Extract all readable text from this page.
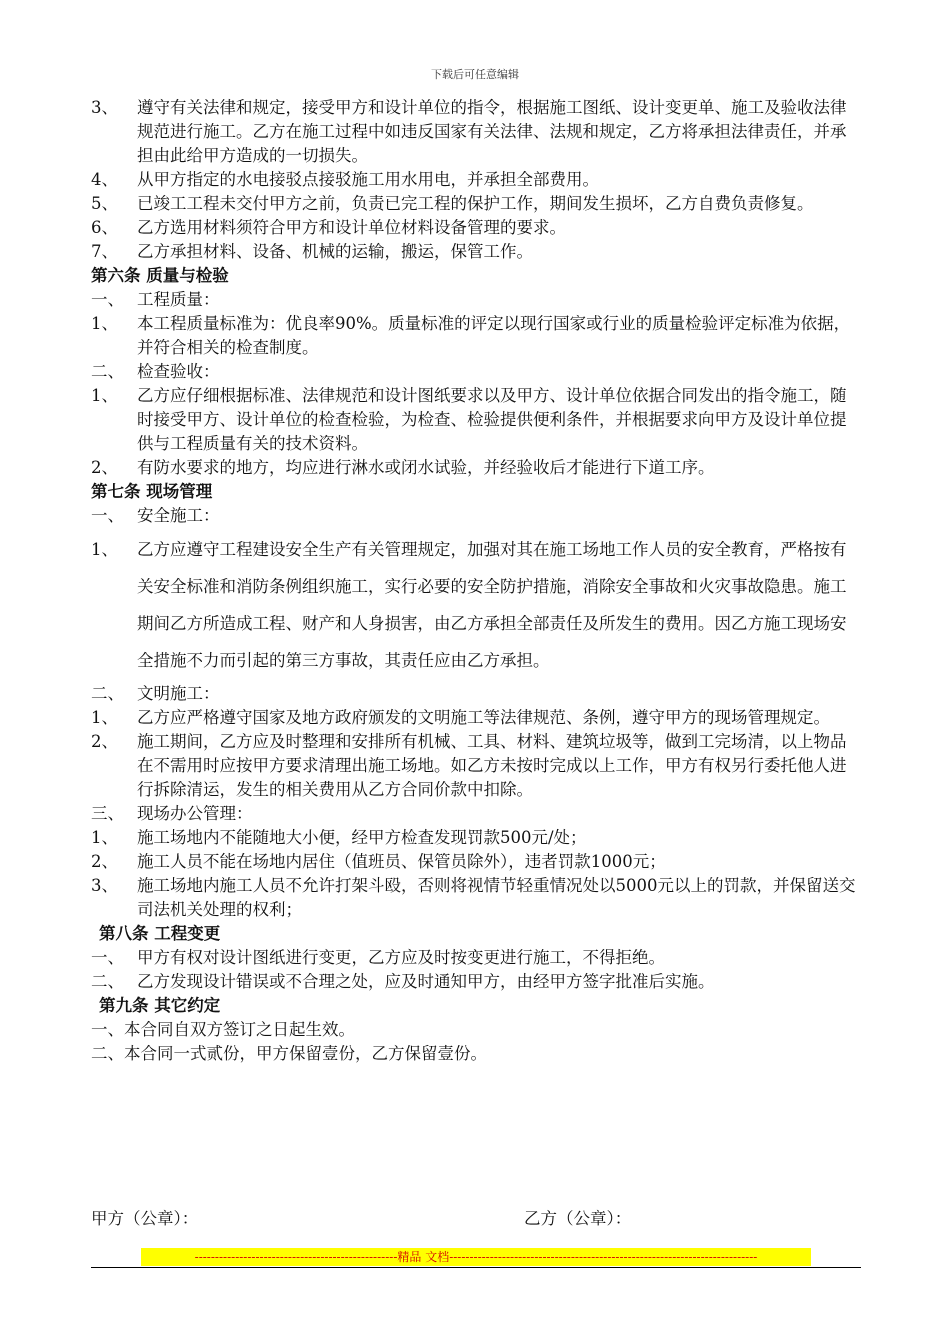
下载后可任意编辑
3、	遵守有关法律和规定，接受甲方和设计单位的指令，根据施工图纸、设计变更单、施工及验收法律规范进行施工。乙方在施工过程中如违反国家有关法律、法规和规定，乙方将承担法律责任，并承担由此给甲方造成的一切损失。
4、	从甲方指定的水电接驳点接驳施工用水用电，并承担全部费用。
5、	已竣工工程未交付甲方之前，负责已完工程的保护工作，期间发生损坏，乙方自费负责修复。
6、	乙方选用材料须符合甲方和设计单位材料设备管理的要求。
7、	乙方承担材料、设备、机械的运输，搬运，保管工作。
第六条 质量与检验
一、 工程质量：
1、	本工程质量标准为：优良率90%。质量标准的评定以现行国家或行业的质量检验评定标准为依据，并符合相关的检查制度。
二、 检查验收：
1、	乙方应仔细根据标准、法律规范和设计图纸要求以及甲方、设计单位依据合同发出的指令施工，随时接受甲方、设计单位的检查检验，为检查、检验提供便利条件，并根据要求向甲方及设计单位提供与工程质量有关的技术资料。
2、	有防水要求的地方，均应进行淋水或闭水试验，并经验收后才能进行下道工序。
第七条 现场管理
一、 安全施工：
1、	乙方应遵守工程建设安全生产有关管理规定，加强对其在施工场地工作人员的安全教育，严格按有关安全标准和消防条例组织施工，实行必要的安全防护措施，消除安全事故和火灾事故隐患。施工期间乙方所造成工程、财产和人身损害，由乙方承担全部责任及所发生的费用。因乙方施工现场安全措施不力而引起的第三方事故，其责任应由乙方承担。
二、 文明施工：
1、	乙方应严格遵守国家及地方政府颁发的文明施工等法律规范、条例，遵守甲方的现场管理规定。
2、	施工期间，乙方应及时整理和安排所有机械、工具、材料、建筑垃圾等，做到工完场清，以上物品在不需用时应按甲方要求清理出施工场地。如乙方未按时完成以上工作，甲方有权另行委托他人进行拆除清运，发生的相关费用从乙方合同价款中扣除。
三、 现场办公管理：
1、	施工场地内不能随地大小便，经甲方检查发现罚款500元/处；
2、	施工人员不能在场地内居住（值班员、保管员除外），违者罚款1000元；
3、	施工场地内施工人员不允许打架斗殴，否则将视情节轻重情况处以5000元以上的罚款，并保留送交司法机关处理的权利；
第八条 工程变更
一、 甲方有权对设计图纸进行变更，乙方应及时按变更进行施工，不得拒绝。
二、 乙方发现设计错误或不合理之处，应及时通知甲方，由经甲方签字批准后实施。
第九条 其它约定
一、本合同自双方签订之日起生效。
二、本合同一式贰份，甲方保留壹份，乙方保留壹份。
甲方（公章）：	乙方（公章）：
--------------------------------------------------精品 文档----------------------------------------------------------------------------
